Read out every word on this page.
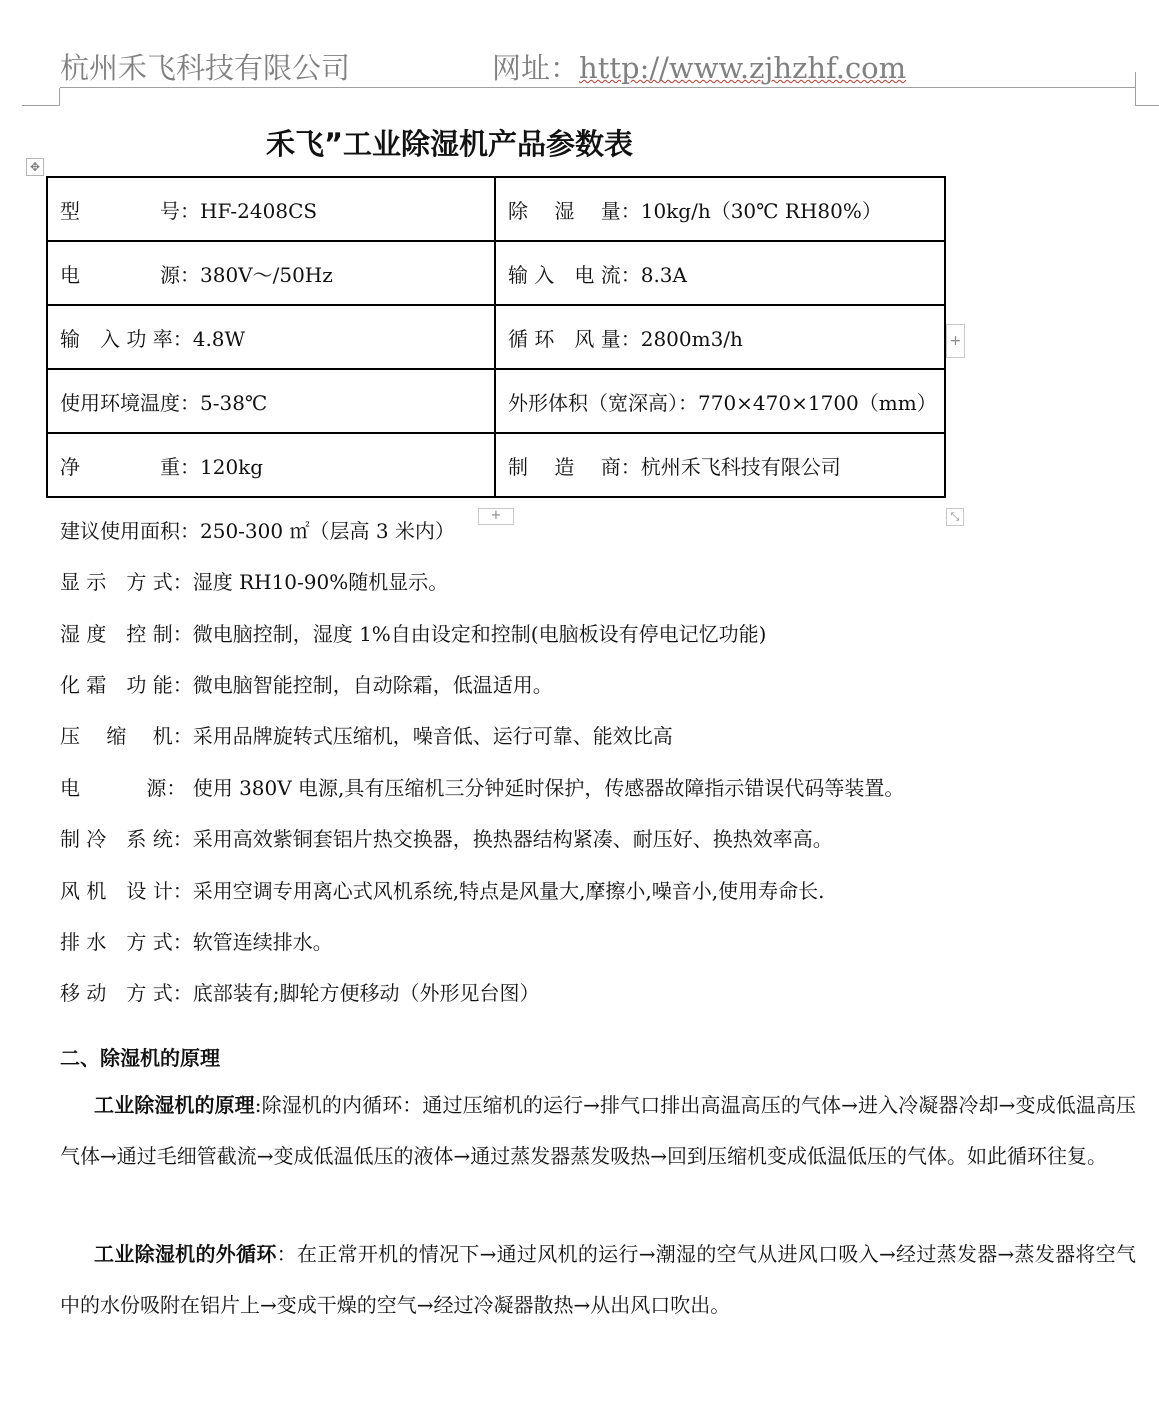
杭州禾飞科技有限公司	网址：http://www.zjhzhf.com
禾飞”工业除湿机产品参数表
✥
型　　　　号：HF-2408CS	除　 湿　 量：10kg/h（30℃ RH80%）
电　　　　源：380V～/50Hz	输 入　电 流：8.3A
输　入 功 率：4.8W	循 环　风 量：2800m3/h
使用环境温度：5-38℃	外形体积（宽深高）：770×470×1700（mm）
净　　　　重：120kg	制　 造　 商：杭州禾飞科技有限公司
+
+	⤡
建议使用面积：250-300 ㎡（层高 3 米内）
显 示　方 式：湿度 RH10-90%随机显示。
湿 度　控 制：微电脑控制，湿度 1%自由设定和控制(电脑板设有停电记忆功能)
化 霜　功 能：微电脑智能控制，自动除霜，低温适用。
压　 缩　 机：采用品牌旋转式压缩机，噪音低、运行可靠、能效比高
电　　　 源： 使用 380V 电源,具有压缩机三分钟延时保护，传感器故障指示错误代码等装置。
制 冷　系 统：采用高效紫铜套铝片热交换器，换热器结构紧凑、耐压好、换热效率高。
风 机　设 计：采用空调专用离心式风机系统,特点是风量大,摩擦小,噪音小,使用寿命长.
排 水　方 式：软管连续排水。
移 动　方 式：底部装有;脚轮方便移动（外形见台图）
二、除湿机的原理
工业除湿机的原理:除湿机的内循环：通过压缩机的运行→排气口排出高温高压的气体→进入冷凝器冷却→变成低温高压气体→通过毛细管截流→变成低温低压的液体→通过蒸发器蒸发吸热→回到压缩机变成低温低压的气体。如此循环往复。
工业除湿机的外循环：在正常开机的情况下→通过风机的运行→潮湿的空气从进风口吸入→经过蒸发器→蒸发器将空气中的水份吸附在铝片上→变成干燥的空气→经过冷凝器散热→从出风口吹出。
